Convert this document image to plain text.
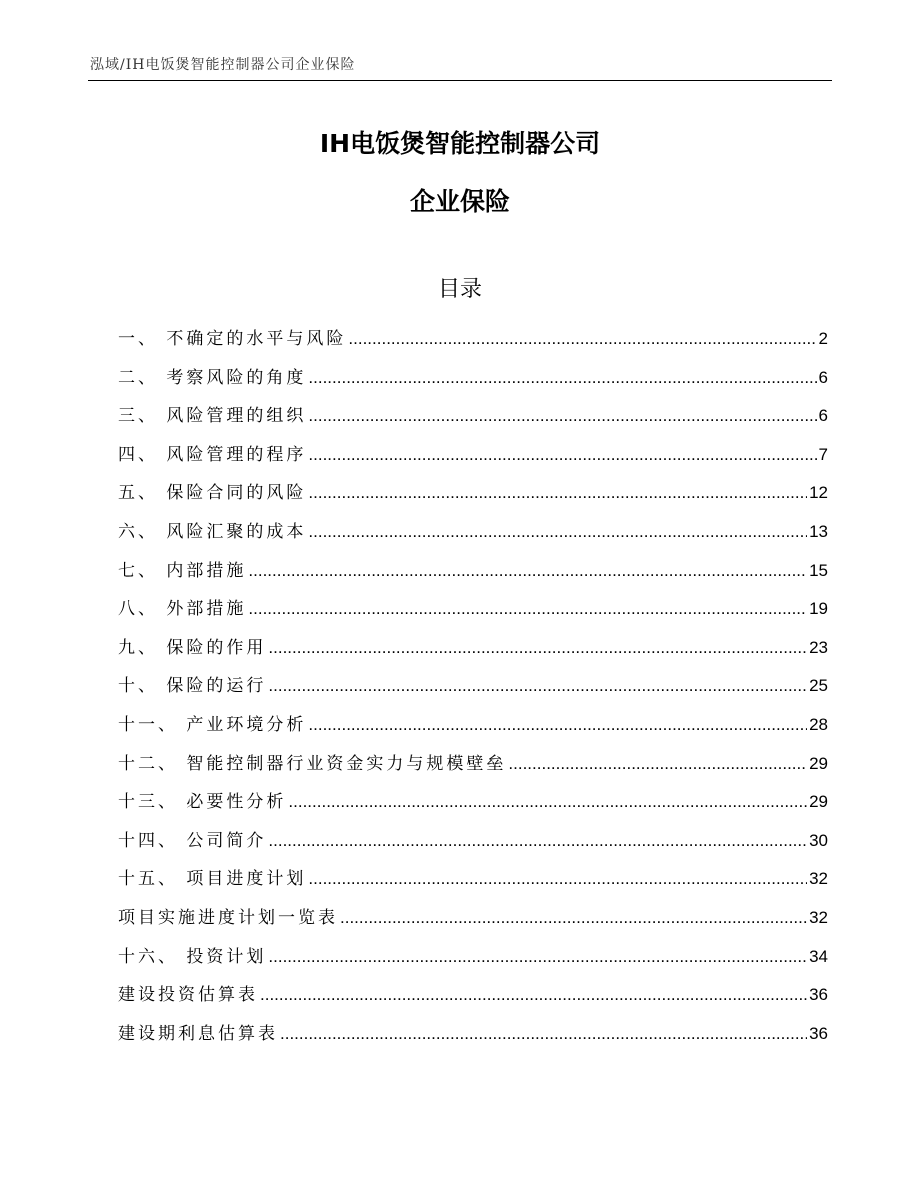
泓域/IH电饭煲智能控制器公司企业保险
IH电饭煲智能控制器公司
企业保险
目录
一、 不确定的水平与风险 .....	2
二、 考察风险的角度 .....	6
三、 风险管理的组织 .....	6
四、 风险管理的程序 .....	7
五、 保险合同的风险 .....	12
六、 风险汇聚的成本 .....	13
七、 内部措施 .....	15
八、 外部措施 .....	19
九、 保险的作用 .....	23
十、 保险的运行 .....	25
十一、 产业环境分析 .....	28
十二、 智能控制器行业资金实力与规模壁垒 .....	29
十三、 必要性分析 .....	29
十四、 公司简介 .....	30
十五、 项目进度计划 .....	32
项目实施进度计划一览表 .....	32
十六、 投资计划 .....	34
建设投资估算表 .....	36
建设期利息估算表 .....	36
